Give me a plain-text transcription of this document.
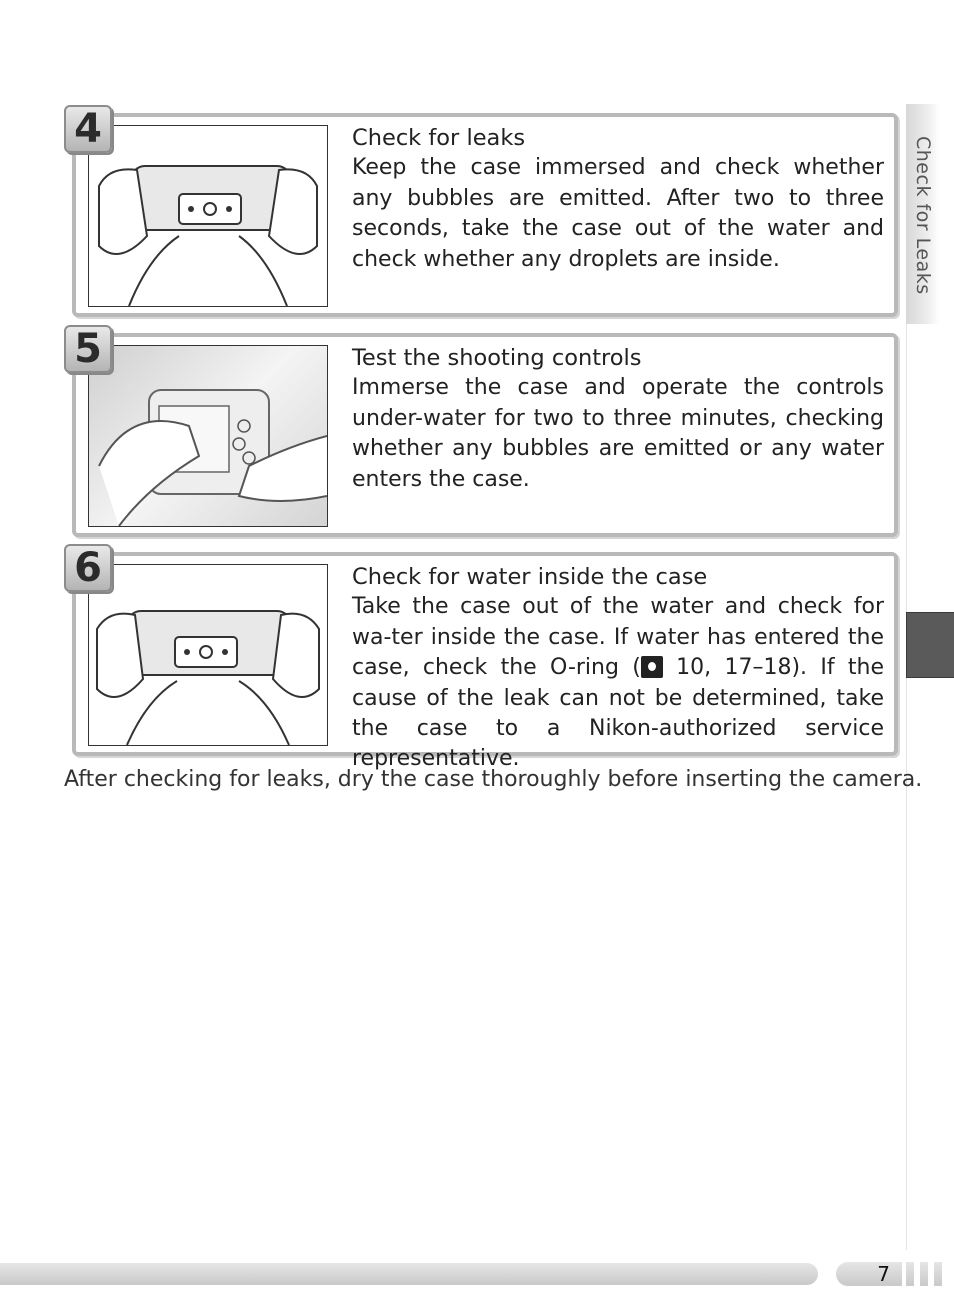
Check for Leaks
Check for leaks
Keep the case immersed and check whether any bubbles are emitted. After two to three seconds, take the case out of the water and check whether any droplets are inside.
4
Test the shooting controls
Immerse the case and operate the controls under-water for two to three minutes, checking whether any bubbles are emitted or any water enters the case.
5
Check for water inside the case
Take the case out of the water and check for wa-ter inside the case. If water has entered the case, check the O-ring ( 10, 17–18). If the cause of the leak can not be determined, take the case to a Nikon-authorized service representative.
6
After checking for leaks, dry the case thoroughly before inserting the camera.
7
